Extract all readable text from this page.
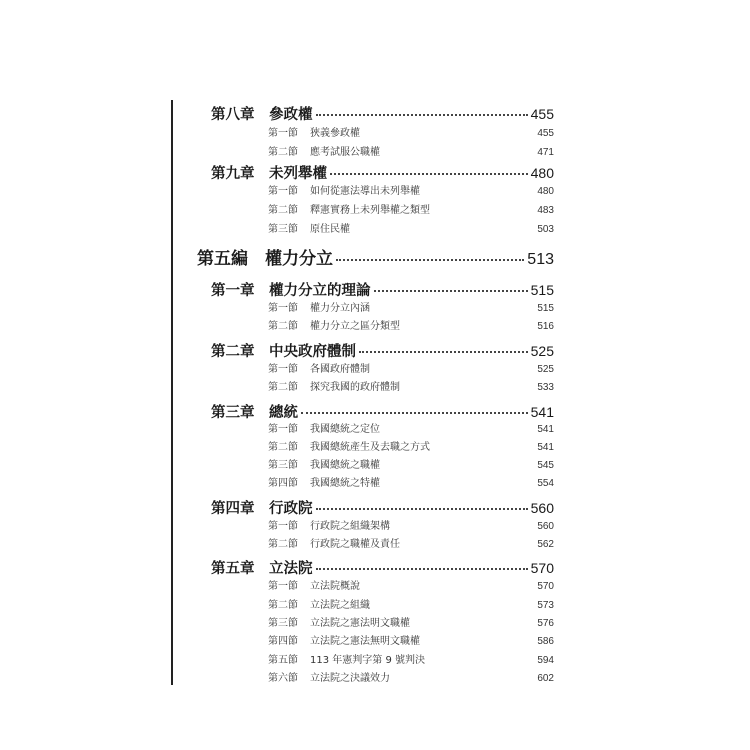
第八章	參政權	455
第一節	狹義參政權	455
第二節	應考試服公職權	471
第九章	未列舉權	480
第一節	如何從憲法導出未列舉權	480
第二節	釋憲實務上未列舉權之類型	483
第三節	原住民權	503
第五編	權力分立	513
第一章	權力分立的理論	515
第一節	權力分立內涵	515
第二節	權力分立之區分類型	516
第二章	中央政府體制	525
第一節	各國政府體制	525
第二節	探究我國的政府體制	533
第三章	總統	541
第一節	我國總統之定位	541
第二節	我國總統產生及去職之方式	541
第三節	我國總統之職權	545
第四節	我國總統之特權	554
第四章	行政院	560
第一節	行政院之組織架構	560
第二節	行政院之職權及責任	562
第五章	立法院	570
第一節	立法院概說	570
第二節	立法院之組織	573
第三節	立法院之憲法明文職權	576
第四節	立法院之憲法無明文職權	586
第五節	113 年憲判字第 9 號判決	594
第六節	立法院之決議效力	602
